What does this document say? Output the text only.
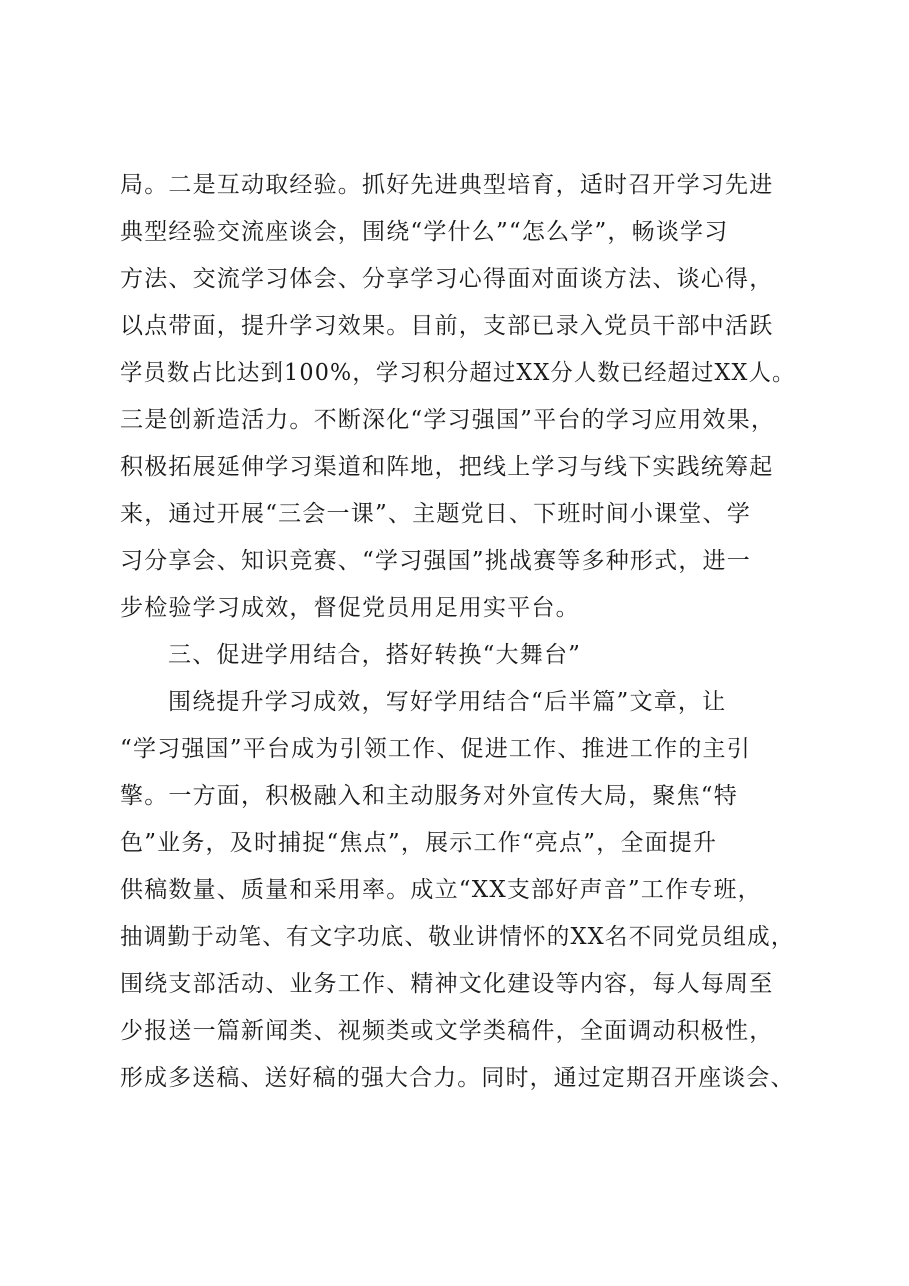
局。二是互动取经验。抓好先进典型培育，适时召开学习先进
典型经验交流座谈会，围绕“学什么”“怎么学”，畅谈学习
方法、交流学习体会、分享学习心得面对面谈方法、谈心得，
以点带面，提升学习效果。目前，支部已录入党员干部中活跃
学员数占比达到100%，学习积分超过XX分人数已经超过XX人。
三是创新造活力。不断深化“学习强国”平台的学习应用效果，
积极拓展延伸学习渠道和阵地，把线上学习与线下实践统筹起
来，通过开展“三会一课”、主题党日、下班时间小课堂、学
习分享会、知识竞赛、“学习强国”挑战赛等多种形式，进一
步检验学习成效，督促党员用足用实平台。
三、促进学用结合，搭好转换“大舞台”
围绕提升学习成效，写好学用结合“后半篇”文章，让
“学习强国”平台成为引领工作、促进工作、推进工作的主引
擎。一方面，积极融入和主动服务对外宣传大局，聚焦“特
色”业务，及时捕捉“焦点”，展示工作“亮点”，全面提升
供稿数量、质量和采用率。成立“XX支部好声音”工作专班，
抽调勤于动笔、有文字功底、敬业讲情怀的XX名不同党员组成，
围绕支部活动、业务工作、精神文化建设等内容，每人每周至
少报送一篇新闻类、视频类或文学类稿件，全面调动积极性，
形成多送稿、送好稿的强大合力。同时，通过定期召开座谈会、
